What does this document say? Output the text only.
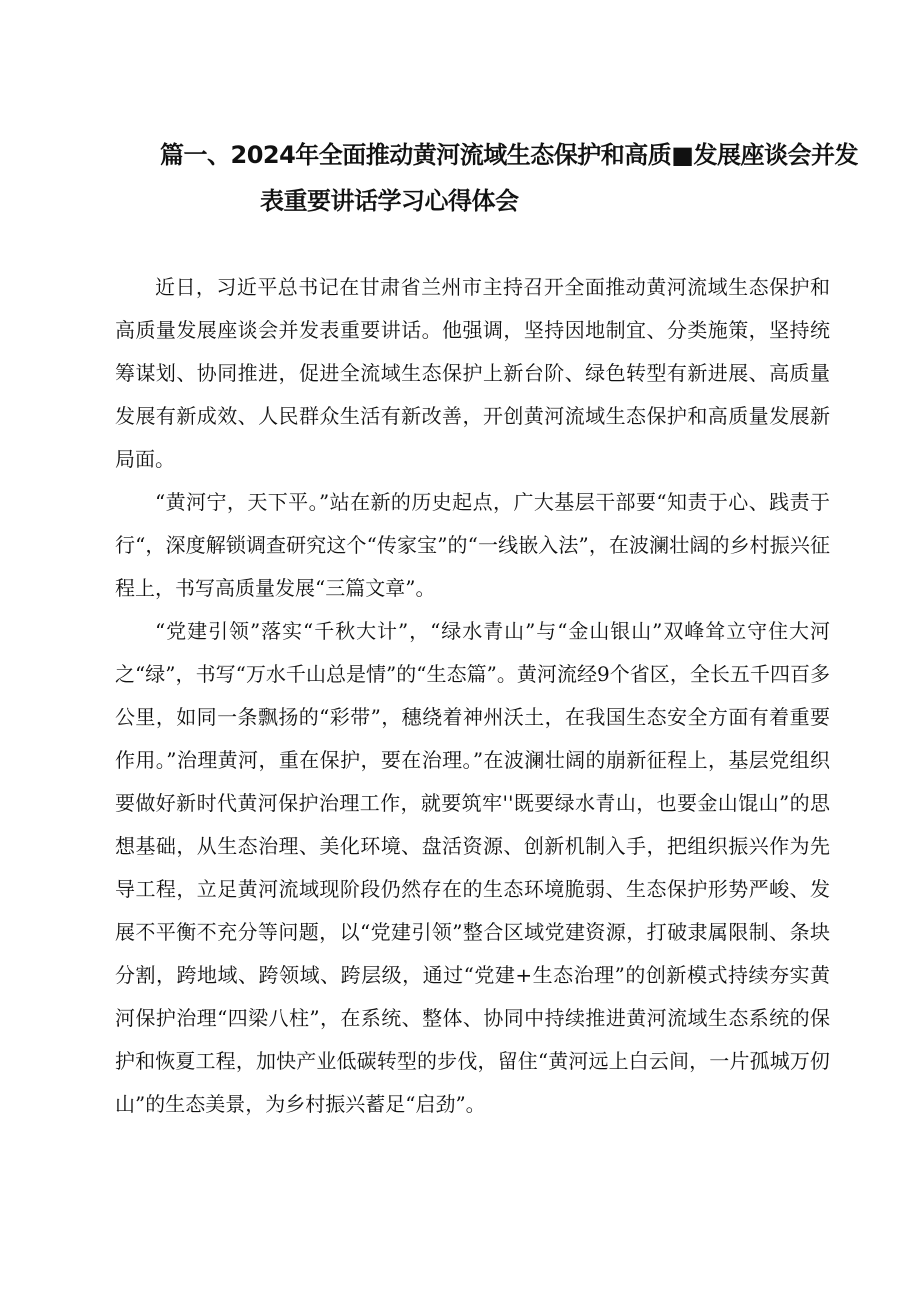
篇一、2024年全面推动黄河流域生态保护和高质■发展座谈会并发
表重要讲话学习心得体会

近日，习近平总书记在甘肃省兰州市主持召开全面推动黄河流域生态保护和高质量发展座谈会并发表重要讲话。他强调，坚持因地制宜、分类施策，坚持统筹谋划、协同推进，促进全流域生态保护上新台阶、绿色转型有新进展、高质量发展有新成效、人民群众生活有新改善，开创黄河流域生态保护和高质量发展新局面。

“黄河宁，天下平。”站在新的历史起点，广大基层干部要“知责于心、践责于行“，深度解锁调查研究这个“传家宝”的“一线嵌入法”，在波澜壮阔的乡村振兴征程上，书写高质量发展“三篇文章”。

“党建引领”落实“千秋大计”，“绿水青山”与“金山银山”双峰耸立守住大河之“绿”，书写“万水千山总是情”的“生态篇”。黄河流经9个省区，全长五千四百多公里，如同一条飘扬的“彩带”，穗绕着神州沃土，在我国生态安全方面有着重要作用。”治理黄河，重在保护，要在治理。”在波澜壮阔的崩新征程上，基层党组织要做好新时代黄河保护治理工作，就要筑牢''既要绿水青山，也要金山馄山”的思想基础，从生态治理、美化环境、盘活资源、创新机制入手，把组织振兴作为先导工程，立足黄河流域现阶段仍然存在的生态环境脆弱、生态保护形势严峻、发展不平衡不充分等问题，以“党建引领”整合区域党建资源，打破隶属限制、条块分割，跨地域、跨领域、跨层级，通过“党建+生态治理”的创新模式持续夯实黄河保护治理“四梁八柱”，在系统、整体、协同中持续推进黄河流域生态系统的保护和恢夏工程，加快产业低碳转型的步伐，留住“黄河远上白云间，一片孤城万仞山”的生态美景，为乡村振兴蓄足“启劲”。
